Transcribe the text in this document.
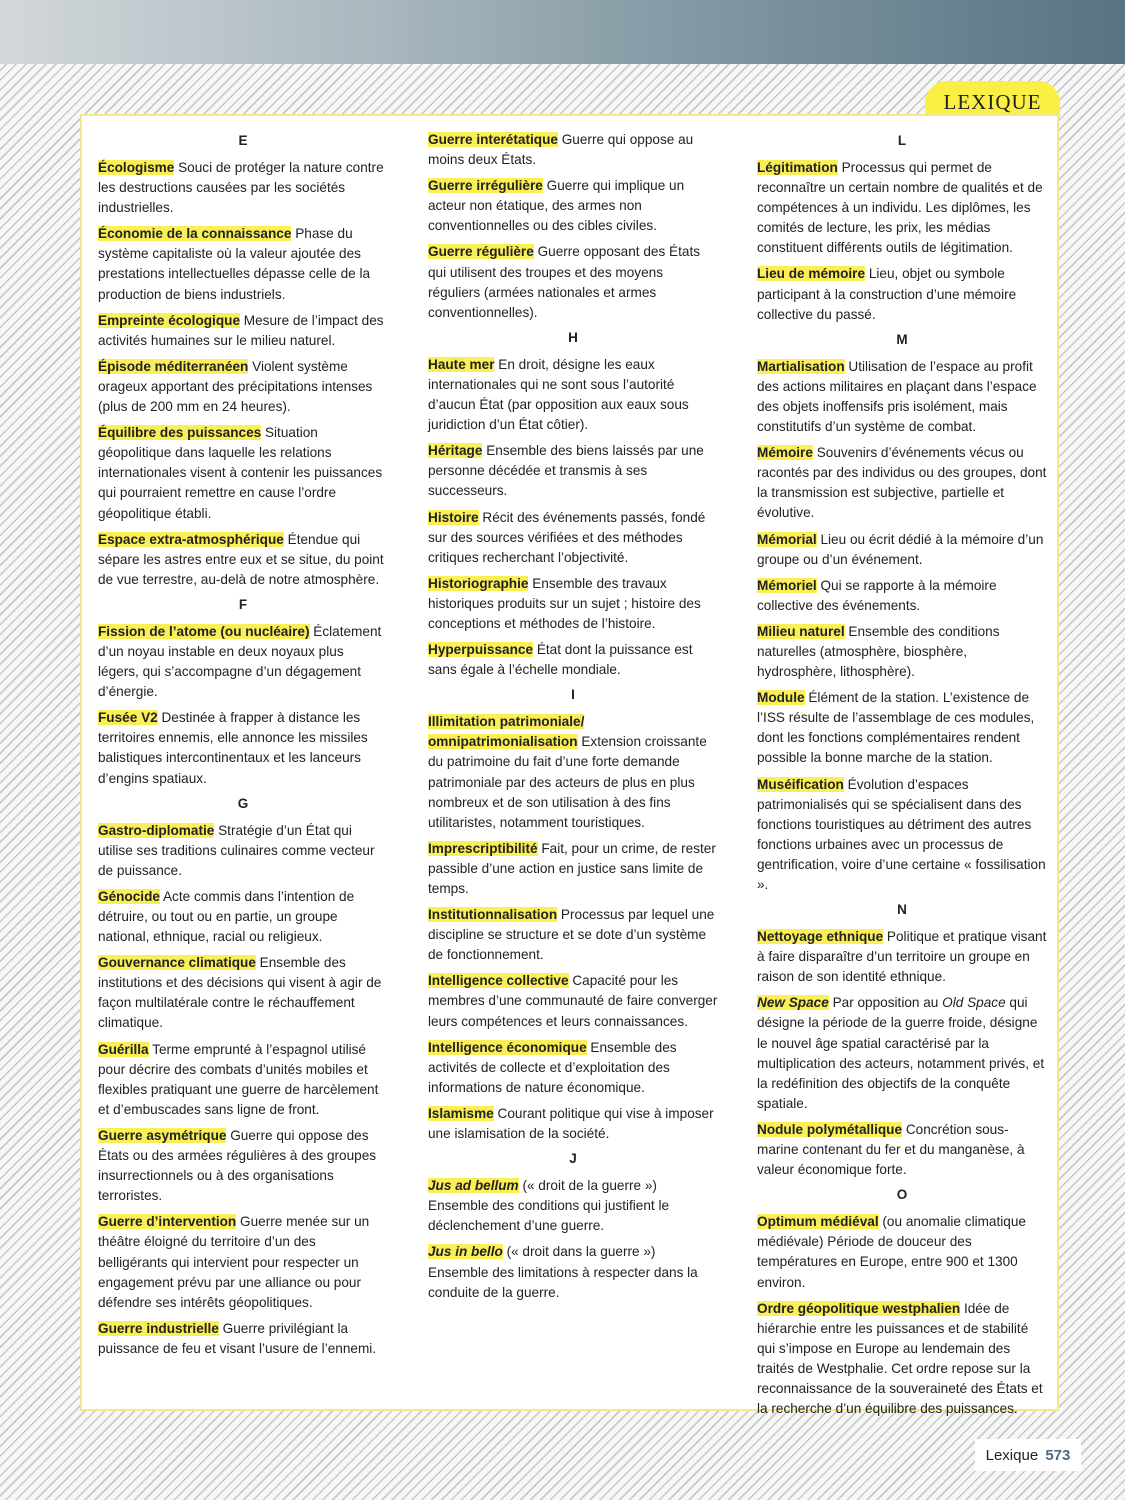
LEXIQUE
E
Écologisme Souci de protéger la nature contre les destructions causées par les sociétés industrielles.
Économie de la connaissance Phase du système capitaliste où la valeur ajoutée des prestations intellectuelles dépasse celle de la production de biens industriels.
Empreinte écologique Mesure de l’impact des activités humaines sur le milieu naturel.
Épisode méditerranéen Violent système orageux apportant des précipitations intenses (plus de 200 mm en 24 heures).
Équilibre des puissances Situation géopolitique dans laquelle les relations internationales visent à contenir les puissances qui pourraient remettre en cause l’ordre géopolitique établi.
Espace extra-atmosphérique Étendue qui sépare les astres entre eux et se situe, du point de vue terrestre, au-delà de notre atmosphère.
F
Fission de l’atome (ou nucléaire) Éclatement d’un noyau instable en deux noyaux plus légers, qui s’accompagne d’un dégagement d’énergie.
Fusée V2 Destinée à frapper à distance les territoires ennemis, elle annonce les missiles balistiques intercontinentaux et les lanceurs d’engins spatiaux.
G
Gastro-diplomatie Stratégie d’un État qui utilise ses traditions culinaires comme vecteur de puissance.
Génocide Acte commis dans l’intention de détruire, ou tout ou en partie, un groupe national, ethnique, racial ou religieux.
Gouvernance climatique Ensemble des institutions et des décisions qui visent à agir de façon multilatérale contre le réchauffement climatique.
Guérilla Terme emprunté à l’espagnol utilisé pour décrire des combats d’unités mobiles et flexibles pratiquant une guerre de harcèlement et d’embuscades sans ligne de front.
Guerre asymétrique Guerre qui oppose des États ou des armées régulières à des groupes insurrectionnels ou à des organisations terroristes.
Guerre d’intervention Guerre menée sur un théâtre éloigné du territoire d’un des belligérants qui intervient pour respecter un engagement prévu par une alliance ou pour défendre ses intérêts géopolitiques.
Guerre industrielle Guerre privilégiant la puissance de feu et visant l’usure de l’ennemi.
Guerre interétatique Guerre qui oppose au moins deux États.
Guerre irrégulière Guerre qui implique un acteur non étatique, des armes non conventionnelles ou des cibles civiles.
Guerre régulière Guerre opposant des États qui utilisent des troupes et des moyens réguliers (armées nationales et armes conventionnelles).
H
Haute mer En droit, désigne les eaux internationales qui ne sont sous l’autorité d’aucun État (par opposition aux eaux sous juridiction d’un État côtier).
Héritage Ensemble des biens laissés par une personne décédée et transmis à ses successeurs.
Histoire Récit des événements passés, fondé sur des sources vérifiées et des méthodes critiques recherchant l’objectivité.
Historiographie Ensemble des travaux historiques produits sur un sujet ; histoire des conceptions et méthodes de l’histoire.
Hyperpuissance État dont la puissance est sans égale à l’échelle mondiale.
I
Illimitation patrimoniale/ omnipatrimonialisation Extension croissante du patrimoine du fait d’une forte demande patrimoniale par des acteurs de plus en plus nombreux et de son utilisation à des fins utilitaristes, notamment touristiques.
Imprescriptibilité Fait, pour un crime, de rester passible d’une action en justice sans limite de temps.
Institutionnalisation Processus par lequel une discipline se structure et se dote d’un système de fonctionnement.
Intelligence collective Capacité pour les membres d’une communauté de faire converger leurs compétences et leurs connaissances.
Intelligence économique Ensemble des activités de collecte et d’exploitation des informations de nature économique.
Islamisme Courant politique qui vise à imposer une islamisation de la société.
J
Jus ad bellum (« droit de la guerre ») Ensemble des conditions qui justifient le déclenchement d’une guerre.
Jus in bello (« droit dans la guerre ») Ensemble des limitations à respecter dans la conduite de la guerre.
L
Légitimation Processus qui permet de reconnaître un certain nombre de qualités et de compétences à un individu. Les diplômes, les comités de lecture, les prix, les médias constituent différents outils de légitimation.
Lieu de mémoire Lieu, objet ou symbole participant à la construction d’une mémoire collective du passé.
M
Martialisation Utilisation de l’espace au profit des actions militaires en plaçant dans l’espace des objets inoffensifs pris isolément, mais constitutifs d’un système de combat.
Mémoire Souvenirs d’événements vécus ou racontés par des individus ou des groupes, dont la transmission est subjective, partielle et évolutive.
Mémorial Lieu ou écrit dédié à la mémoire d’un groupe ou d’un événement.
Mémoriel Qui se rapporte à la mémoire collective des événements.
Milieu naturel Ensemble des conditions naturelles (atmosphère, biosphère, hydrosphère, lithosphère).
Module Élément de la station. L’existence de l’ISS résulte de l’assemblage de ces modules, dont les fonctions complémentaires rendent possible la bonne marche de la station.
Muséification Évolution d’espaces patrimonialisés qui se spécialisent dans des fonctions touristiques au détriment des autres fonctions urbaines avec un processus de gentrification, voire d’une certaine « fossilisation ».
N
Nettoyage ethnique Politique et pratique visant à faire disparaître d’un territoire un groupe en raison de son identité ethnique.
New Space Par opposition au Old Space qui désigne la période de la guerre froide, désigne le nouvel âge spatial caractérisé par la multiplication des acteurs, notamment privés, et la redéfinition des objectifs de la conquête spatiale.
Nodule polymétallique Concrétion sous-marine contenant du fer et du manganèse, à valeur économique forte.
O
Optimum médiéval (ou anomalie climatique médiévale) Période de douceur des températures en Europe, entre 900 et 1300 environ.
Ordre géopolitique westphalien Idée de hiérarchie entre les puissances et de stabilité qui s’impose en Europe au lendemain des traités de Westphalie. Cet ordre repose sur la reconnaissance de la souveraineté des États et la recherche d’un équilibre des puissances.
Lexique 573
